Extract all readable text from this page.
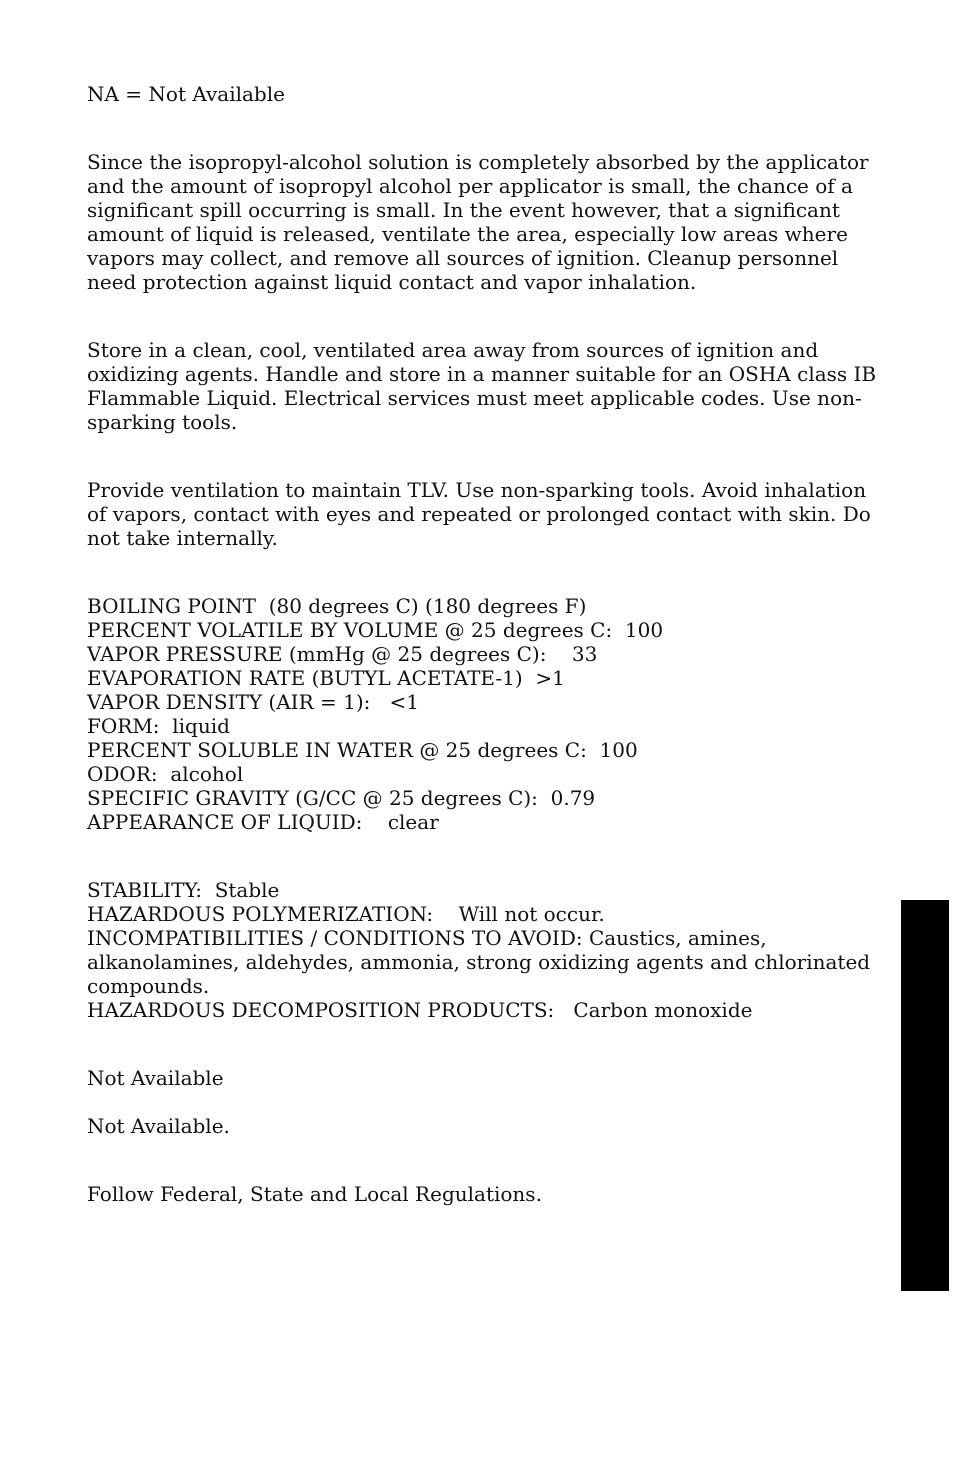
NA = Not Available
Since the isopropyl-alcohol solution is completely absorbed by the applicator and the amount of isopropyl alcohol per applicator is small, the chance of a significant spill occurring is small. In the event however, that a significant amount of liquid is released, ventilate the area, especially low areas where vapors may collect, and remove all sources of ignition. Cleanup personnel need protection against liquid contact and vapor inhalation.
Store in a clean, cool, ventilated area away from sources of ignition and oxidizing agents. Handle and store in a manner suitable for an OSHA class IB Flammable Liquid. Electrical services must meet applicable codes. Use non-sparking tools.
Provide ventilation to maintain TLV. Use non-sparking tools. Avoid inhalation of vapors, contact with eyes and repeated or prolonged contact with skin. Do not take internally.
BOILING POINT  (80 degrees C) (180 degrees F)
PERCENT VOLATILE BY VOLUME @ 25 degrees C:  100
VAPOR PRESSURE (mmHg @ 25 degrees C):    33
EVAPORATION RATE (BUTYL ACETATE-1)  >1
VAPOR DENSITY (AIR = 1):   <1
FORM:  liquid
PERCENT SOLUBLE IN WATER @ 25 degrees C:  100
ODOR:  alcohol
SPECIFIC GRAVITY (G/CC @ 25 degrees C):  0.79
APPEARANCE OF LIQUID:    clear
STABILITY:  Stable
HAZARDOUS POLYMERIZATION:    Will not occur.
INCOMPATIBILITIES / CONDITIONS TO AVOID: Caustics, amines, alkanolamines, aldehydes, ammonia, strong oxidizing agents and chlorinated compounds.
HAZARDOUS DECOMPOSITION PRODUCTS:   Carbon monoxide
Not Available
Not Available.
Follow Federal, State and Local Regulations.
